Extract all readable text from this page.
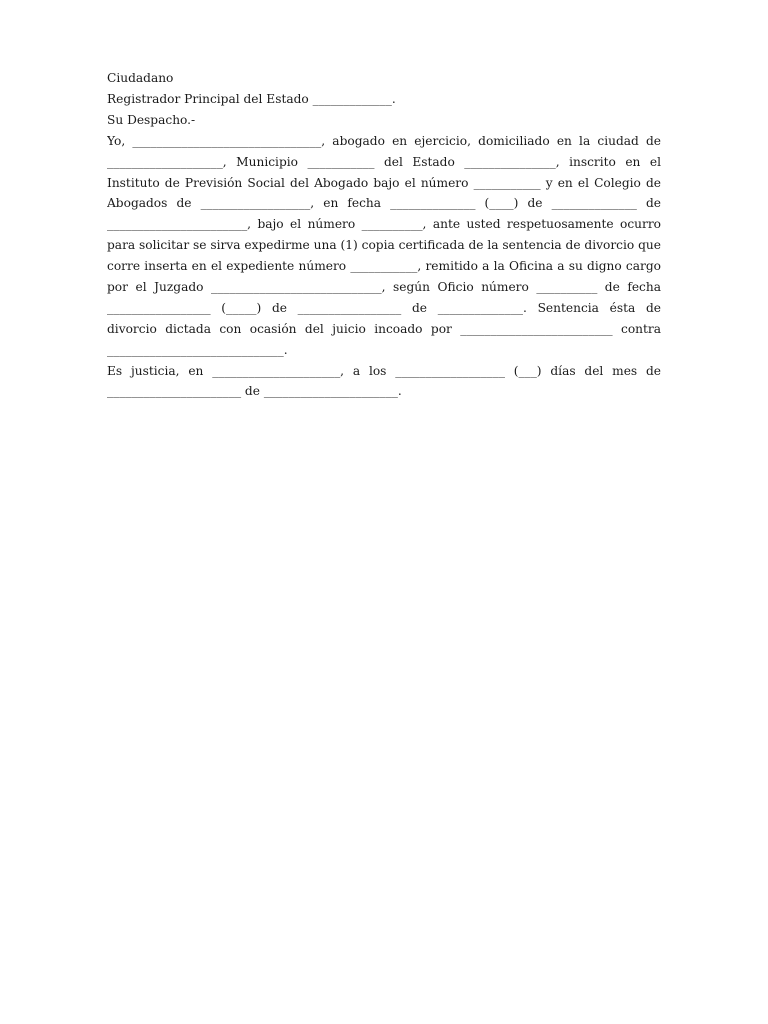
Ciudadano
Registrador Principal del Estado _____________.
Su Despacho.-
Yo, _______________________________, abogado en ejercicio, domiciliado en la ciudad de
___________________, Municipio ___________ del Estado _______________, inscrito en el
Instituto de Previsión Social del Abogado bajo el número ___________ y en el Colegio de
Abogados de __________________, en fecha ______________ (____) de ______________ de
_______________________, bajo el número __________, ante usted respetuosamente ocurro
para solicitar se sirva expedirme una (1) copia certificada de la sentencia de divorcio que
corre inserta en el expediente número ___________, remitido a la Oficina a su digno cargo
por el Juzgado ____________________________, según Oficio número __________ de fecha
_________________ (_____) de _________________ de ______________. Sentencia ésta de
divorcio dictada con ocasión del juicio incoado por _________________________ contra
_____________________________.
Es justicia, en _____________________, a los __________________ (___) días del mes de
______________________ de ______________________.
